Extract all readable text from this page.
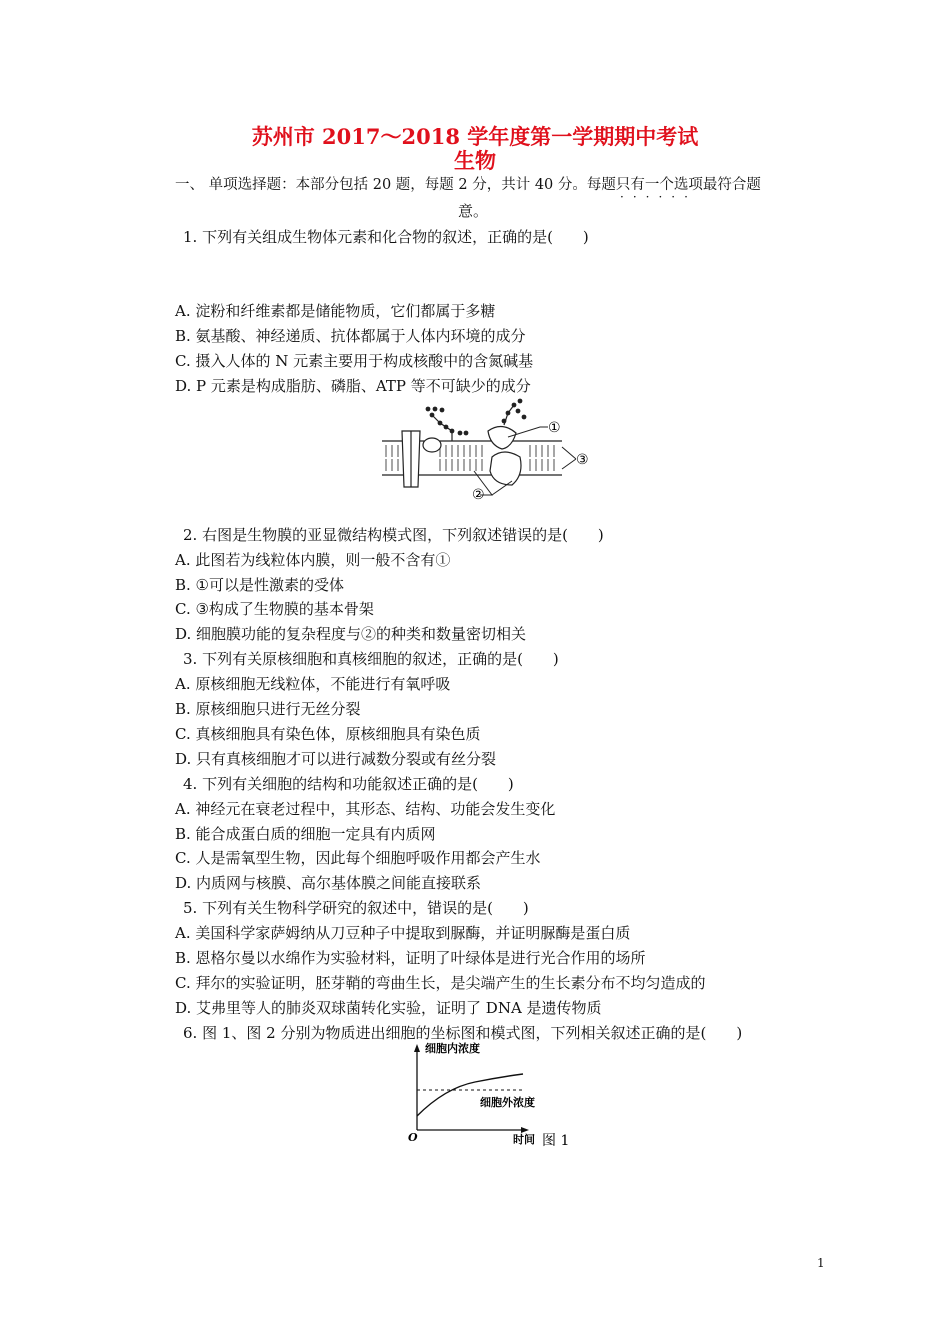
苏州市 2017～2018 学年度第一学期期中考试
生物
一、 单项选择题：本部分包括 20 题，每题 2 分，共计 40 分。每题只有一个选项最符合题
······
意。
1. 下列有关组成生物体元素和化合物的叙述，正确的是(　　)
A. 淀粉和纤维素都是储能物质，它们都属于多糖
B. 氨基酸、神经递质、抗体都属于人体内环境的成分
C. 摄入人体的 N 元素主要用于构成核酸中的含氮碱基
D. P 元素是构成脂肪、磷脂、ATP 等不可缺少的成分
①
②
③
2. 右图是生物膜的亚显微结构模式图，下列叙述错误的是(　　)
A. 此图若为线粒体内膜，则一般不含有①
B. ①可以是性激素的受体
C. ③构成了生物膜的基本骨架
D. 细胞膜功能的复杂程度与②的种类和数量密切相关
3. 下列有关原核细胞和真核细胞的叙述，正确的是(　　)
A. 原核细胞无线粒体，不能进行有氧呼吸
B. 原核细胞只进行无丝分裂
C. 真核细胞具有染色体，原核细胞具有染色质
D. 只有真核细胞才可以进行减数分裂或有丝分裂
4. 下列有关细胞的结构和功能叙述正确的是(　　)
A. 神经元在衰老过程中，其形态、结构、功能会发生变化
B. 能合成蛋白质的细胞一定具有内质网
C. 人是需氧型生物，因此每个细胞呼吸作用都会产生水
D. 内质网与核膜、高尔基体膜之间能直接联系
5. 下列有关生物科学研究的叙述中，错误的是(　　)
A. 美国科学家萨姆纳从刀豆种子中提取到脲酶，并证明脲酶是蛋白质
B. 恩格尔曼以水绵作为实验材料，证明了叶绿体是进行光合作用的场所
C. 拜尔的实验证明，胚芽鞘的弯曲生长，是尖端产生的生长素分布不均匀造成的
D. 艾弗里等人的肺炎双球菌转化实验，证明了 DNA 是遗传物质
6. 图 1、图 2 分别为物质进出细胞的坐标图和模式图，下列相关叙述正确的是(　　)
细胞内浓度
细胞外浓度
O	时间 图 1
1
